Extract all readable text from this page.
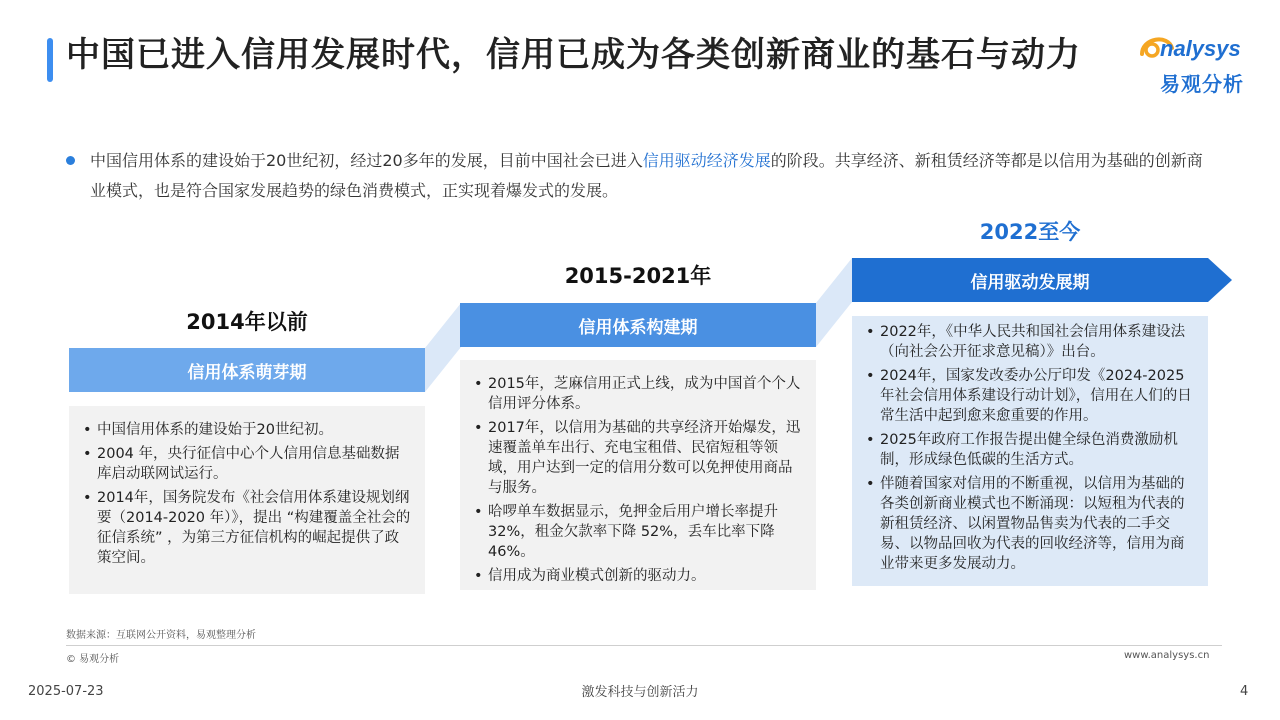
中国已进入信用发展时代，信用已成为各类创新商业的基石与动力	nalysys
易观分析
中国信用体系的建设始于20世纪初，经过20多年的发展，目前中国社会已进入信用驱动经济发展的阶段。共享经济、新租赁经济等都是以信用为基础的创新商业模式，也是符合国家发展趋势的绿色消费模式，正实现着爆发式的发展。
2014年以前
信用体系萌芽期
• 中国信用体系的建设始于20世纪初。
• 2004 年，央行征信中心个人信用信息基础数据库启动联网试运行。
• 2014年，国务院发布《社会信用体系建设规划纲要（2014-2020 年）》，提出 “构建覆盖全社会的征信系统” ，为第三方征信机构的崛起提供了政策空间。
2015-2021年
信用体系构建期
• 2015年，芝麻信用正式上线，成为中国首个个人信用评分体系。
• 2017年，以信用为基础的共享经济开始爆发，迅速覆盖单车出行、充电宝租借、民宿短租等领域，用户达到一定的信用分数可以免押使用商品与服务。
• 哈啰单车数据显示，免押金后用户增长率提升 32%，租金欠款率下降 52%，丢车比率下降 46%。
• 信用成为商业模式创新的驱动力。
2022至今
信用驱动发展期
• 2022年，《中华人民共和国社会信用体系建设法（向社会公开征求意见稿）》出台。
• 2024年，国家发改委办公厅印发《2024-2025年社会信用体系建设行动计划》，信用在人们的日常生活中起到愈来愈重要的作用。
• 2025年政府工作报告提出健全绿色消费激励机制，形成绿色低碳的生活方式。
• 伴随着国家对信用的不断重视，以信用为基础的各类创新商业模式也不断涌现：以短租为代表的新租赁经济、以闲置物品售卖为代表的二手交易、以物品回收为代表的回收经济等，信用为商业带来更多发展动力。
数据来源：互联网公开资料，易观整理分析
© 易观分析	www.analysys.cn
2025-07-23	激发科技与创新活力	4
